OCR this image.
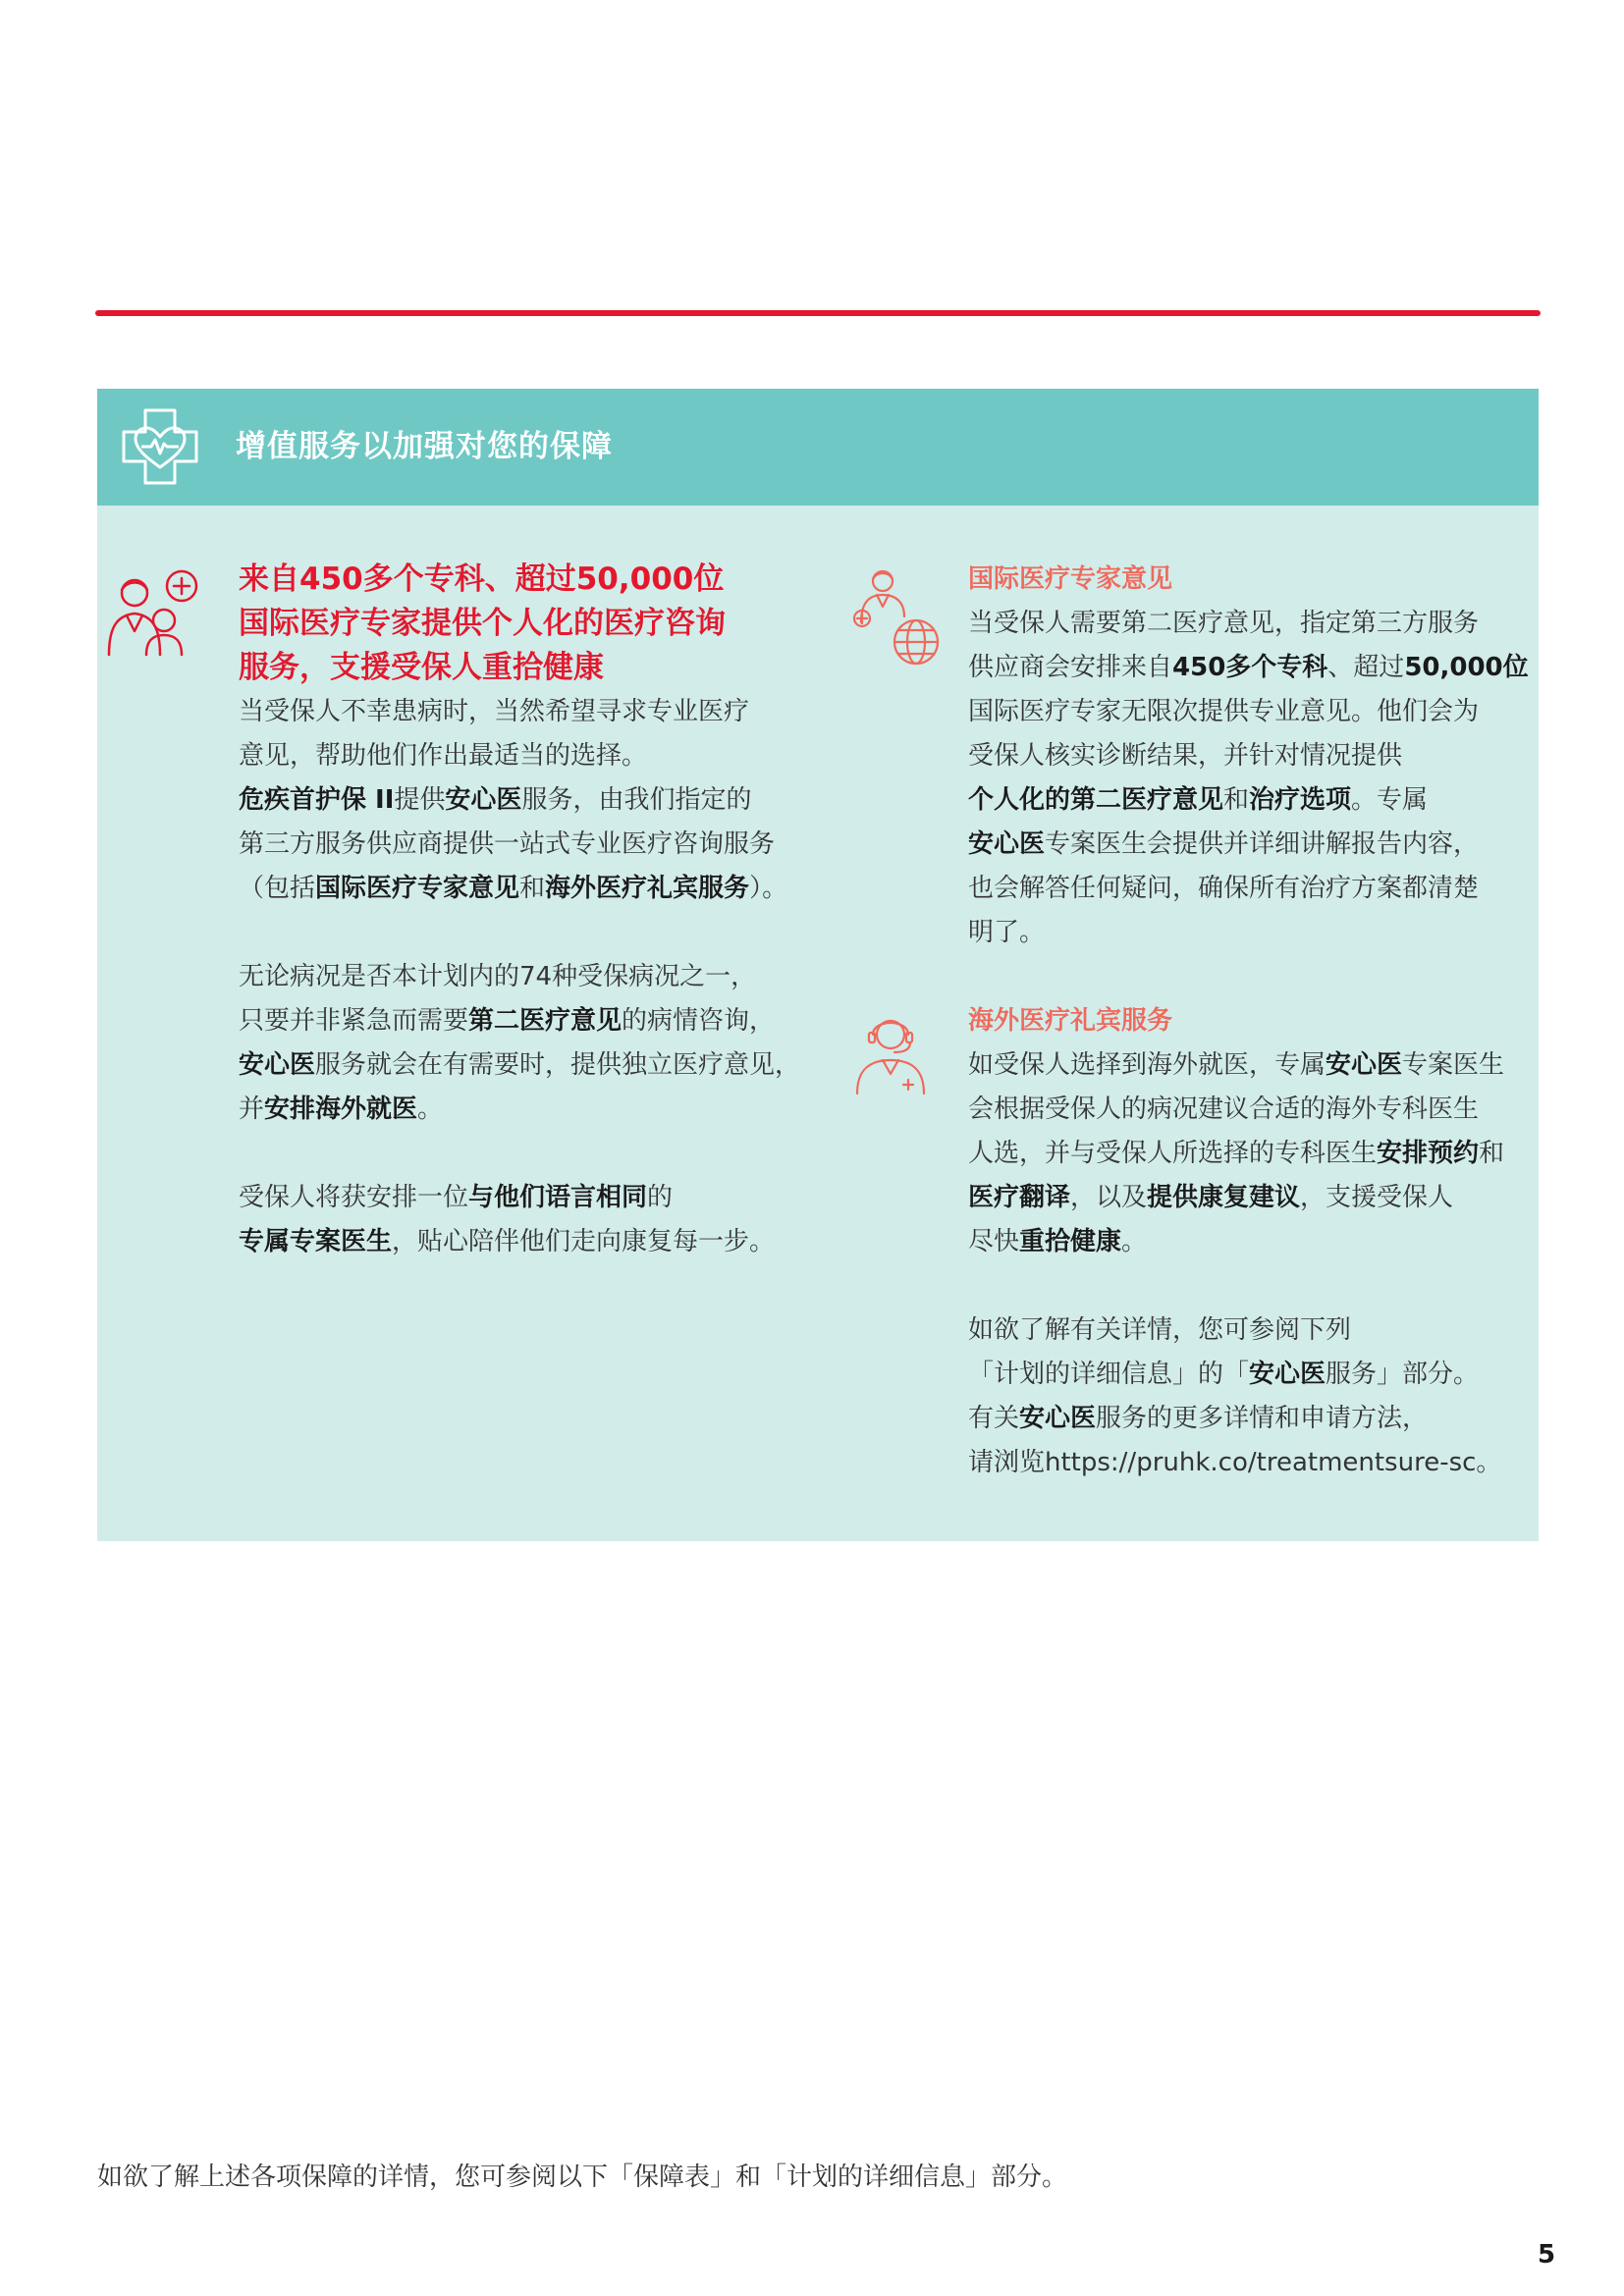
增值服务以加强对您的保障
来自450多个专科、超过50,000位
国际医疗专家提供个人化的医疗咨询
服务，支援受保人重拾健康
当受保人不幸患病时，当然希望寻求专业医疗
意见，帮助他们作出最适当的选择。
危疾首护保 II提供安心医服务，由我们指定的
第三方服务供应商提供一站式专业医疗咨询服务
（包括国际医疗专家意见和海外医疗礼宾服务）。
无论病况是否本计划内的74种受保病况之一，
只要并非紧急而需要第二医疗意见的病情咨询，
安心医服务就会在有需要时，提供独立医疗意见，
并安排海外就医。
受保人将获安排一位与他们语言相同的
专属专案医生，贴心陪伴他们走向康复每一步。
国际医疗专家意见
当受保人需要第二医疗意见，指定第三方服务
供应商会安排来自450多个专科、超过50,000位
国际医疗专家无限次提供专业意见。他们会为
受保人核实诊断结果，并针对情况提供
个人化的第二医疗意见和治疗选项。专属
安心医专案医生会提供并详细讲解报告内容，
也会解答任何疑问，确保所有治疗方案都清楚
明了。
海外医疗礼宾服务
如受保人选择到海外就医，专属安心医专案医生
会根据受保人的病况建议合适的海外专科医生
人选，并与受保人所选择的专科医生安排预约和
医疗翻译，以及提供康复建议，支援受保人
尽快重拾健康。
如欲了解有关详情，您可参阅下列
「计划的详细信息」的「安心医服务」部分。
有关安心医服务的更多详情和申请方法，
请浏览https://pruhk.co/treatmentsure-sc。
如欲了解上述各项保障的详情，您可参阅以下「保障表」和「计划的详细信息」部分。
5
